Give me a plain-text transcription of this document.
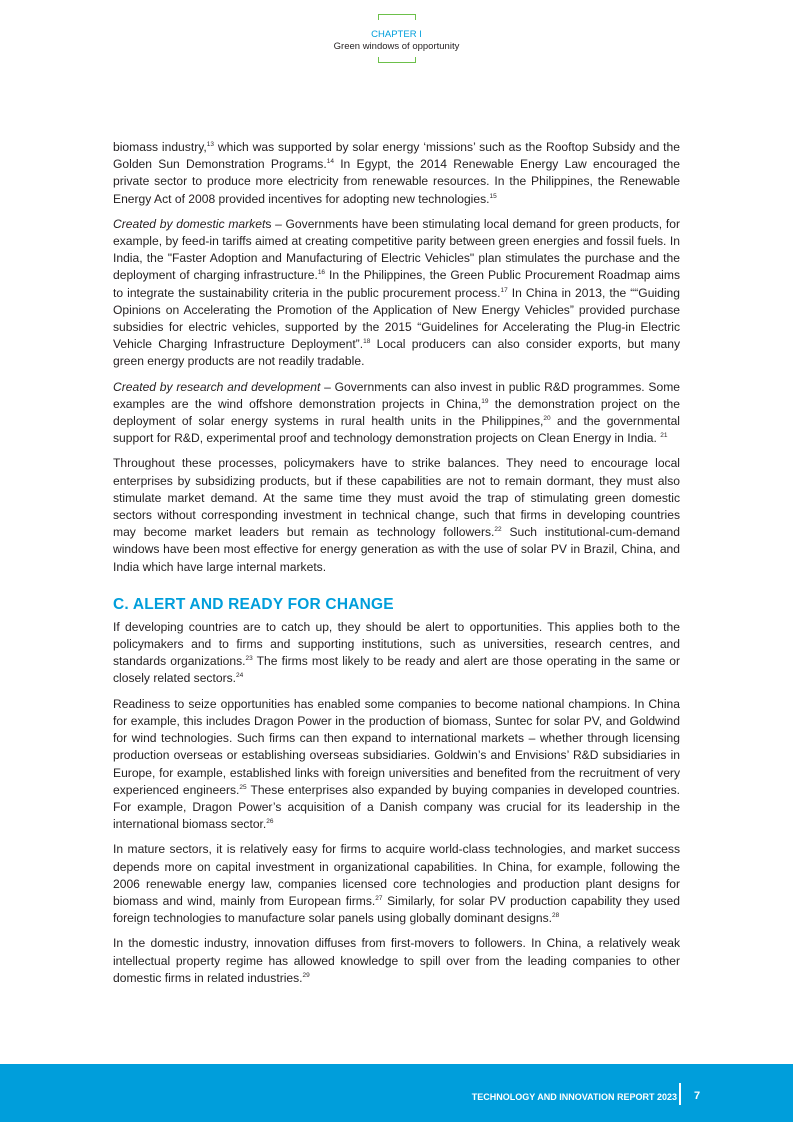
CHAPTER I
Green windows of opportunity

biomass industry,$^{13}$ which was supported by solar energy ‘missions’ such as the Rooftop Subsidy and the Golden Sun Demonstration Programs.$^{14}$ In Egypt, the 2014 Renewable Energy Law encouraged the private sector to produce more electricity from renewable resources. In the Philippines, the Renewable Energy Act of 2008 provided incentives for adopting new technologies.$^{15}$

Created by domestic markets – Governments have been stimulating local demand for green products, for example, by feed-in tariffs aimed at creating competitive parity between green energies and fossil fuels. In India, the "Faster Adoption and Manufacturing of Electric Vehicles" plan stimulates the purchase and the deployment of charging infrastructure.$^{16}$ In the Philippines, the Green Public Procurement Roadmap aims to integrate the sustainability criteria in the public procurement process.$^{17}$ In China in 2013, the ““Guiding Opinions on Accelerating the Promotion of the Application of New Energy Vehicles” provided purchase subsidies for electric vehicles, supported by the 2015 “Guidelines for Accelerating the Plug-in Electric Vehicle Charging Infrastructure Deployment”.$^{18}$ Local producers can also consider exports, but many green energy products are not readily tradable.

Created by research and development – Governments can also invest in public R&D programmes. Some examples are the wind offshore demonstration projects in China,$^{19}$ the demonstration project on the deployment of solar energy systems in rural health units in the Philippines,$^{20}$ and the governmental support for R&D, experimental proof and technology demonstration projects on Clean Energy in India. $^{21}$

Throughout these processes, policymakers have to strike balances. They need to encourage local enterprises by subsidizing products, but if these capabilities are not to remain dormant, they must also stimulate market demand. At the same time they must avoid the trap of stimulating green domestic sectors without corresponding investment in technical change, such that firms in developing countries may become market leaders but remain as technology followers.$^{22}$ Such institutional-cum-demand windows have been most effective for energy generation as with the use of solar PV in Brazil, China, and India which have large internal markets.

C. ALERT AND READY FOR CHANGE

If developing countries are to catch up, they should be alert to opportunities. This applies both to the policymakers and to firms and supporting institutions, such as universities, research centres, and standards organizations.$^{23}$ The firms most likely to be ready and alert are those operating in the same or closely related sectors.$^{24}$

Readiness to seize opportunities has enabled some companies to become national champions. In China for example, this includes Dragon Power in the production of biomass, Suntec for solar PV, and Goldwind for wind technologies. Such firms can then expand to international markets – whether through licensing production overseas or establishing overseas subsidiaries. Goldwin’s and Envisions’ R&D subsidiaries in Europe, for example, established links with foreign universities and benefited from the recruitment of very experienced engineers.$^{25}$ These enterprises also expanded by buying companies in developed countries. For example, Dragon Power’s acquisition of a Danish company was crucial for its leadership in the international biomass sector.$^{26}$

In mature sectors, it is relatively easy for firms to acquire world-class technologies, and market success depends more on capital investment in organizational capabilities. In China, for example, following the 2006 renewable energy law, companies licensed core technologies and production plant designs for biomass and wind, mainly from European firms.$^{27}$ Similarly, for solar PV production capability they used foreign technologies to manufacture solar panels using globally dominant designs.$^{28}$

In the domestic industry, innovation diffuses from first-movers to followers. In China, a relatively weak intellectual property regime has allowed knowledge to spill over from the leading companies to other domestic firms in related industries.$^{29}$

TECHNOLOGY AND INNOVATION REPORT 2023 7
